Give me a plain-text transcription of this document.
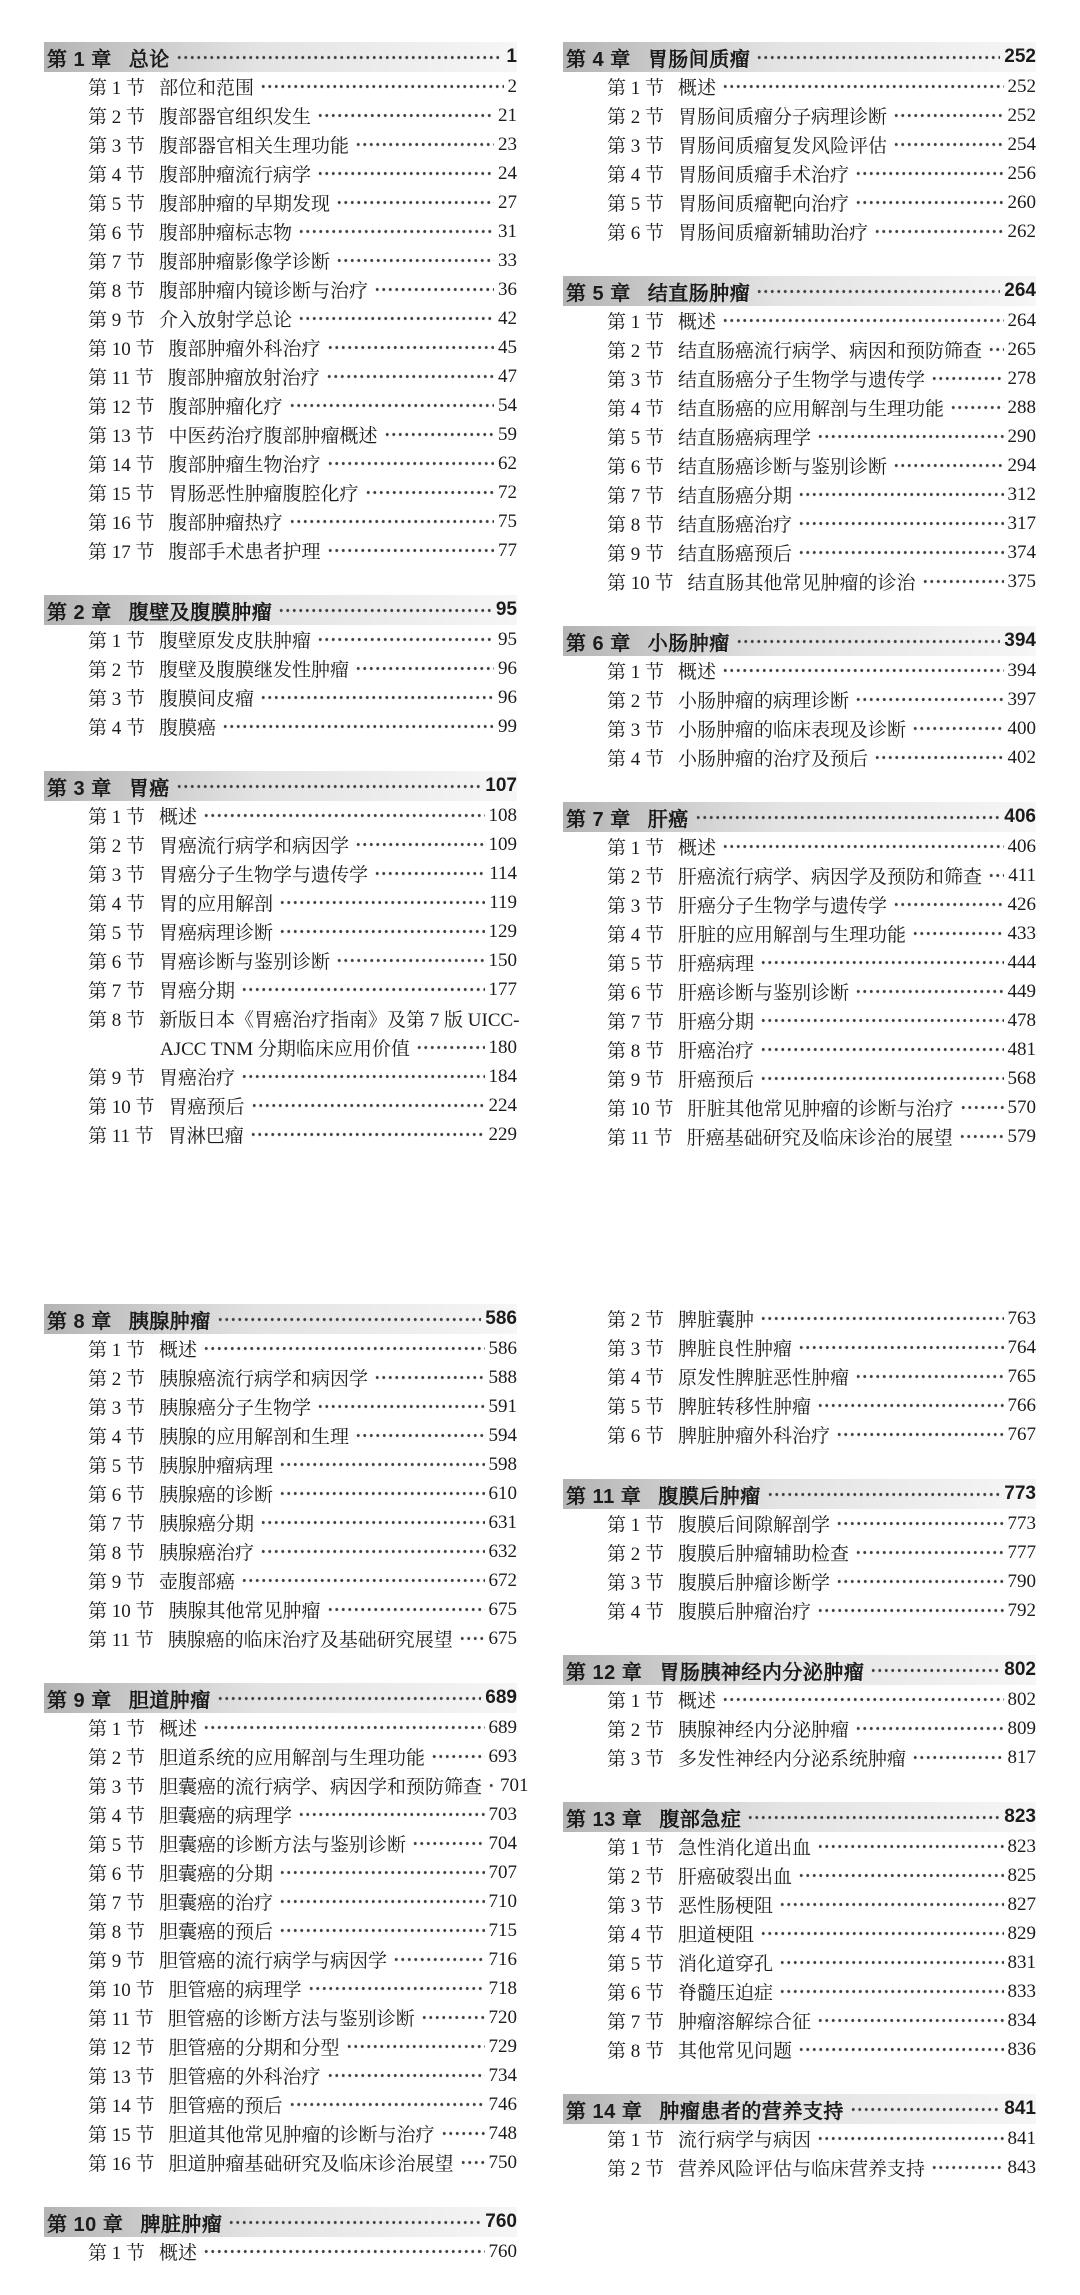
第 1 章 总论	1
第 1 节 部位和范围	2
第 2 节 腹部器官组织发生	21
第 3 节 腹部器官相关生理功能	23
第 4 节 腹部肿瘤流行病学	24
第 5 节 腹部肿瘤的早期发现	27
第 6 节 腹部肿瘤标志物	31
第 7 节 腹部肿瘤影像学诊断	33
第 8 节 腹部肿瘤内镜诊断与治疗	36
第 9 节 介入放射学总论	42
第 10 节 腹部肿瘤外科治疗	45
第 11 节 腹部肿瘤放射治疗	47
第 12 节 腹部肿瘤化疗	54
第 13 节 中医药治疗腹部肿瘤概述	59
第 14 节 腹部肿瘤生物治疗	62
第 15 节 胃肠恶性肿瘤腹腔化疗	72
第 16 节 腹部肿瘤热疗	75
第 17 节 腹部手术患者护理	77
第 2 章 腹壁及腹膜肿瘤	95
第 1 节 腹壁原发皮肤肿瘤	95
第 2 节 腹壁及腹膜继发性肿瘤	96
第 3 节 腹膜间皮瘤	96
第 4 节 腹膜癌	99
第 3 章 胃癌	107
第 1 节 概述	108
第 2 节 胃癌流行病学和病因学	109
第 3 节 胃癌分子生物学与遗传学	114
第 4 节 胃的应用解剖	119
第 5 节 胃癌病理诊断	129
第 6 节 胃癌诊断与鉴别诊断	150
第 7 节 胃癌分期	177
第 8 节 新版日本《胃癌治疗指南》及第 7 版 UICC-
AJCC TNM 分期临床应用价值	180
第 9 节 胃癌治疗	184
第 10 节 胃癌预后	224
第 11 节 胃淋巴瘤	229
第 4 章 胃肠间质瘤	252
第 1 节 概述	252
第 2 节 胃肠间质瘤分子病理诊断	252
第 3 节 胃肠间质瘤复发风险评估	254
第 4 节 胃肠间质瘤手术治疗	256
第 5 节 胃肠间质瘤靶向治疗	260
第 6 节 胃肠间质瘤新辅助治疗	262
第 5 章 结直肠肿瘤	264
第 1 节 概述	264
第 2 节 结直肠癌流行病学、病因和预防筛查 265
第 3 节 结直肠癌分子生物学与遗传学	278
第 4 节 结直肠癌的应用解剖与生理功能	288
第 5 节 结直肠癌病理学	290
第 6 节 结直肠癌诊断与鉴别诊断	294
第 7 节 结直肠癌分期	312
第 8 节 结直肠癌治疗	317
第 9 节 结直肠癌预后	374
第 10 节 结直肠其他常见肿瘤的诊治	375
第 6 章 小肠肿瘤	394
第 1 节 概述	394
第 2 节 小肠肿瘤的病理诊断	397
第 3 节 小肠肿瘤的临床表现及诊断	400
第 4 节 小肠肿瘤的治疗及预后	402
第 7 章 肝癌	406
第 1 节 概述	406
第 2 节 肝癌流行病学、病因学及预防和筛查 411
第 3 节 肝癌分子生物学与遗传学	426
第 4 节 肝脏的应用解剖与生理功能	433
第 5 节 肝癌病理	444
第 6 节 肝癌诊断与鉴别诊断	449
第 7 节 肝癌分期	478
第 8 节 肝癌治疗	481
第 9 节 肝癌预后	568
第 10 节 肝脏其他常见肿瘤的诊断与治疗	570
第 11 节 肝癌基础研究及临床诊治的展望	579
第 8 章 胰腺肿瘤	586
第 1 节 概述	586
第 2 节 胰腺癌流行病学和病因学	588
第 3 节 胰腺癌分子生物学	591
第 4 节 胰腺的应用解剖和生理	594
第 5 节 胰腺肿瘤病理	598
第 6 节 胰腺癌的诊断	610
第 7 节 胰腺癌分期	631
第 8 节 胰腺癌治疗	632
第 9 节 壶腹部癌	672
第 10 节 胰腺其他常见肿瘤	675
第 11 节 胰腺癌的临床治疗及基础研究展望 675
第 9 章 胆道肿瘤	689
第 1 节 概述	689
第 2 节 胆道系统的应用解剖与生理功能	693
第 3 节 胆囊癌的流行病学、病因学和预防筛查 701
第 4 节 胆囊癌的病理学	703
第 5 节 胆囊癌的诊断方法与鉴别诊断	704
第 6 节 胆囊癌的分期	707
第 7 节 胆囊癌的治疗	710
第 8 节 胆囊癌的预后	715
第 9 节 胆管癌的流行病学与病因学	716
第 10 节 胆管癌的病理学	718
第 11 节 胆管癌的诊断方法与鉴别诊断	720
第 12 节 胆管癌的分期和分型	729
第 13 节 胆管癌的外科治疗	734
第 14 节 胆管癌的预后	746
第 15 节 胆道其他常见肿瘤的诊断与治疗	748
第 16 节 胆道肿瘤基础研究及临床诊治展望 750
第 10 章 脾脏肿瘤	760
第 1 节 概述	760
第 2 节 脾脏囊肿	763
第 3 节 脾脏良性肿瘤	764
第 4 节 原发性脾脏恶性肿瘤	765
第 5 节 脾脏转移性肿瘤	766
第 6 节 脾脏肿瘤外科治疗	767
第 11 章 腹膜后肿瘤	773
第 1 节 腹膜后间隙解剖学	773
第 2 节 腹膜后肿瘤辅助检查	777
第 3 节 腹膜后肿瘤诊断学	790
第 4 节 腹膜后肿瘤治疗	792
第 12 章 胃肠胰神经内分泌肿瘤	802
第 1 节 概述	802
第 2 节 胰腺神经内分泌肿瘤	809
第 3 节 多发性神经内分泌系统肿瘤	817
第 13 章 腹部急症	823
第 1 节 急性消化道出血	823
第 2 节 肝癌破裂出血	825
第 3 节 恶性肠梗阻	827
第 4 节 胆道梗阻	829
第 5 节 消化道穿孔	831
第 6 节 脊髓压迫症	833
第 7 节 肿瘤溶解综合征	834
第 8 节 其他常见问题	836
第 14 章 肿瘤患者的营养支持	841
第 1 节 流行病学与病因	841
第 2 节 营养风险评估与临床营养支持	843
